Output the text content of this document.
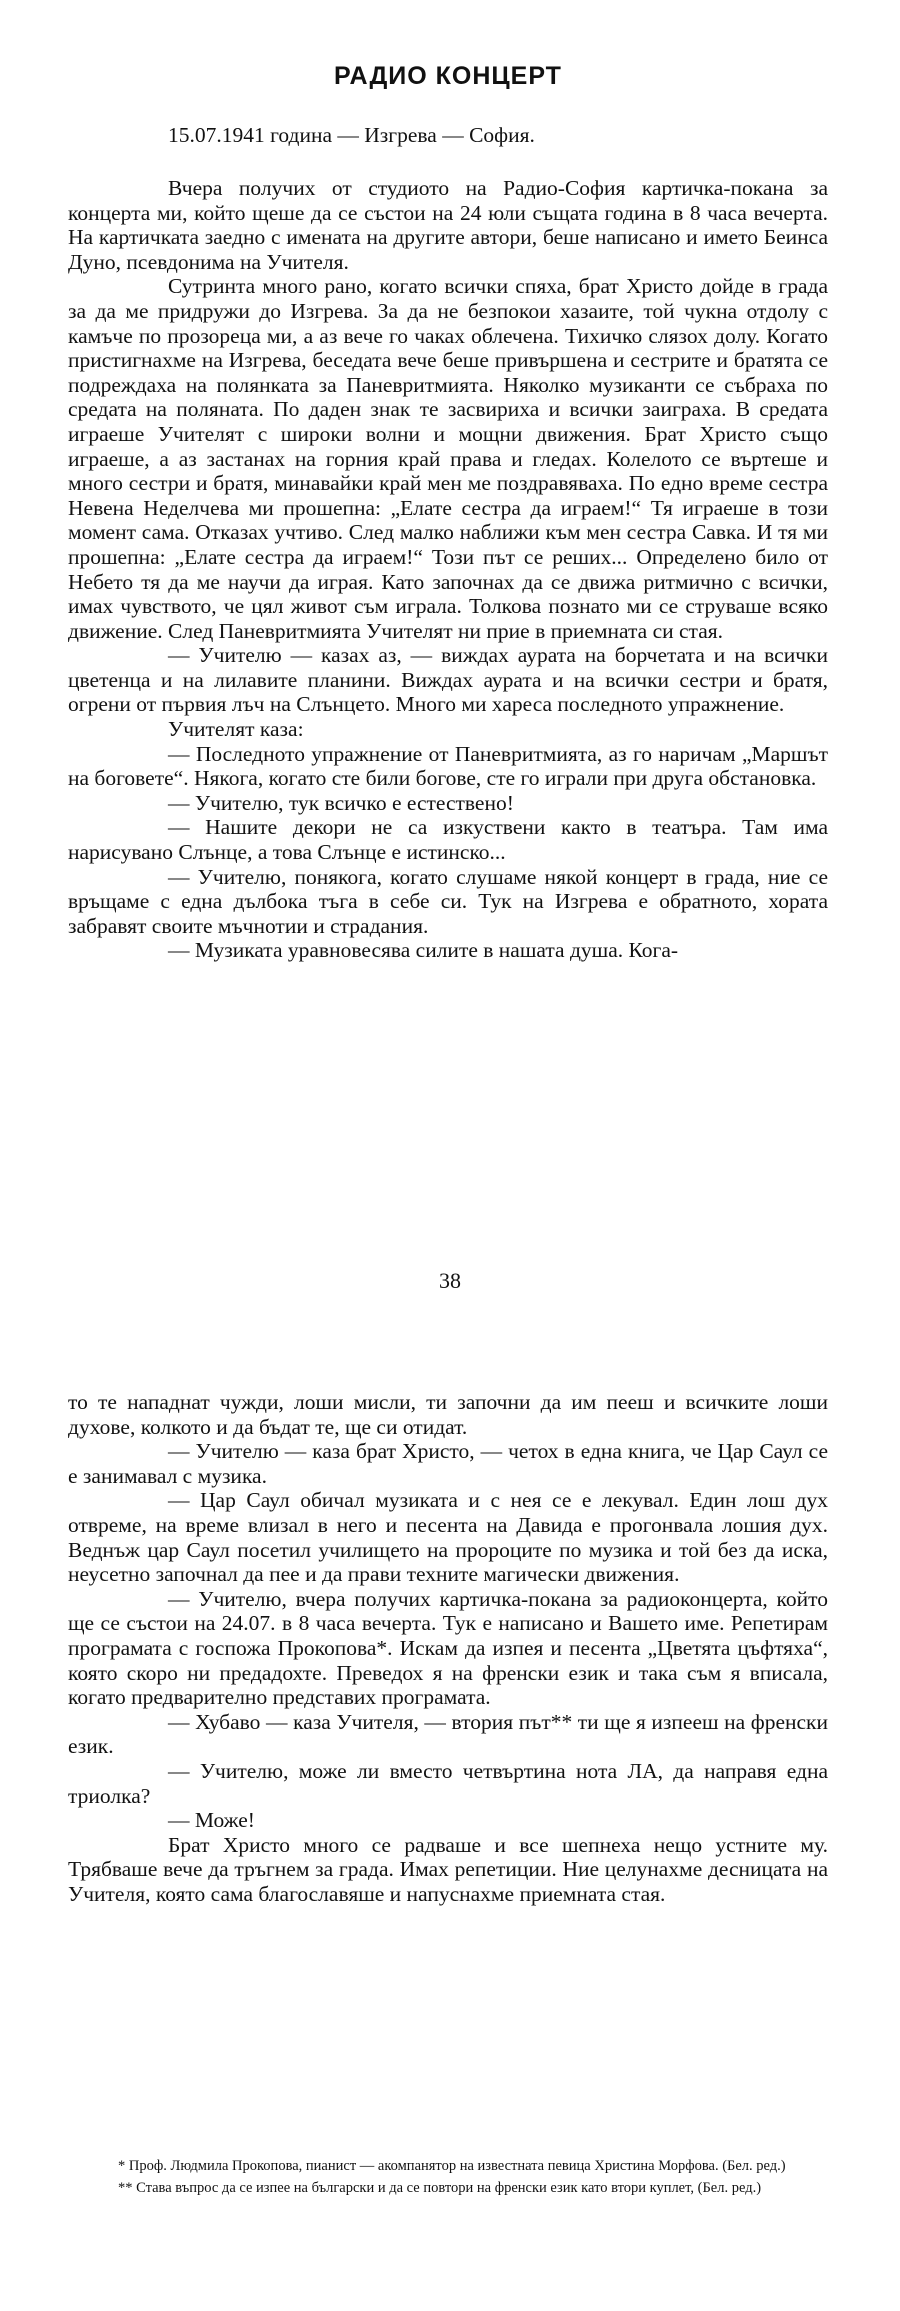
РАДИО КОНЦЕРТ
15.07.1941 година — Изгрева — София.

Вчера получих от студиото на Радио-София картичка-покана за концерта ми, който щеше да се състои на 24 юли същата година в 8 часа вечерта. На картичката заедно с имената на другите автори, беше написано и името Беинса Дуно, псевдонима на Учителя.

Сутринта много рано, когато всички спяха, брат Христо дойде в града за да ме придружи до Изгрева. За да не безпокои хазаите, той чукна отдолу с камъче по прозореца ми, а аз вече го чаках облечена. Тихичко слязох долу. Когато пристигнахме на Изгрева, беседата вече беше привършена и сестрите и братята се подреждаха на полянката за Паневритмията. Няколко музиканти се събраха по средата на поляната. По даден знак те засвириха и всички заиграха. В средата играеше Учителят с широки волни и мощни движения. Брат Христо също играеше, а аз застанах на горния край права и гледах. Колелото се въртеше и много сестри и братя, минавайки край мен ме поздравяваха. По едно време сестра Невена Неделчева ми прошепна: „Елате сестра да играем!“ Тя играеше в този момент сама. Отказах учтиво. След малко наближи към мен сестра Савка. И тя ми прошепна: „Елате сестра да играем!“ Този път се реших... Определено било от Небето тя да ме научи да играя. Като започнах да се движа ритмично с всички, имах чувството, че цял живот съм играла. Толкова познато ми се струваше всяко движение. След Паневритмията Учителят ни прие в приемната си стая.

— Учителю — казах аз, — виждах аурата на борчетата и на всички цветенца и на лилавите планини. Виждах аурата и на всички сестри и братя, огрени от първия лъч на Слънцето. Много ми хареса последното упражнение.

Учителят каза:

— Последното упражнение от Паневритмията, аз го наричам „Маршът на боговете“. Някога, когато сте били богове, сте го играли при друга обстановка.

— Учителю, тук всичко е естествено!

— Нашите декори не са изкуствени както в театъра. Там има нарисувано Слънце, а това Слънце е истинско...

— Учителю, понякога, когато слушаме някой концерт в града, ние се връщаме с една дълбока тъга в себе си. Тук на Изгрева е обратното, хората забравят своите мъчнотии и страдания.

— Музиката уравновесява силите в нашата душа. Кога-

38

то те нападнат чужди, лоши мисли, ти започни да им пееш и всичките лоши духове, колкото и да бъдат те, ще си отидат.

— Учителю — каза брат Христо, — четох в една книга, че Цар Саул се е занимавал с музика.

— Цар Саул обичал музиката и с нея се е лекувал. Един лош дух отвреме, на време влизал в него и песента на Давида е прогонвала лошия дух. Веднъж цар Саул посетил училището на пророците по музика и той без да иска, неусетно започнал да пее и да прави техните магически движения.

— Учителю, вчера получих картичка-покана за радиоконцерта, който ще се състои на 24.07. в 8 часа вечерта. Тук е написано и Вашето име. Репетирам програмата с госпожа Прокопова*. Искам да изпея и песента „Цветята цъфтяха“, която скоро ни предадохте. Преведох я на френски език и така съм я вписала, когато предварително представих програмата.

— Хубаво — каза Учителя, — втория път** ти ще я изпееш на френски език.

— Учителю, може ли вместо четвъртина нота ЛА, да направя една триолка?

— Може!

Брат Христо много се радваше и все шепнеха нещо устните му. Трябваше вече да тръгнем за града. Имах репетиции. Ние целунахме десницата на Учителя, която сама благославяше и напуснахме приемната стая.

* Проф. Людмила Прокопова, пианист — акомпанятор на известната певица Христина Морфова. (Бел. ред.)

** Става въпрос да се изпее на български и да се повтори на френски език като втори куплет, (Бел. ред.)
